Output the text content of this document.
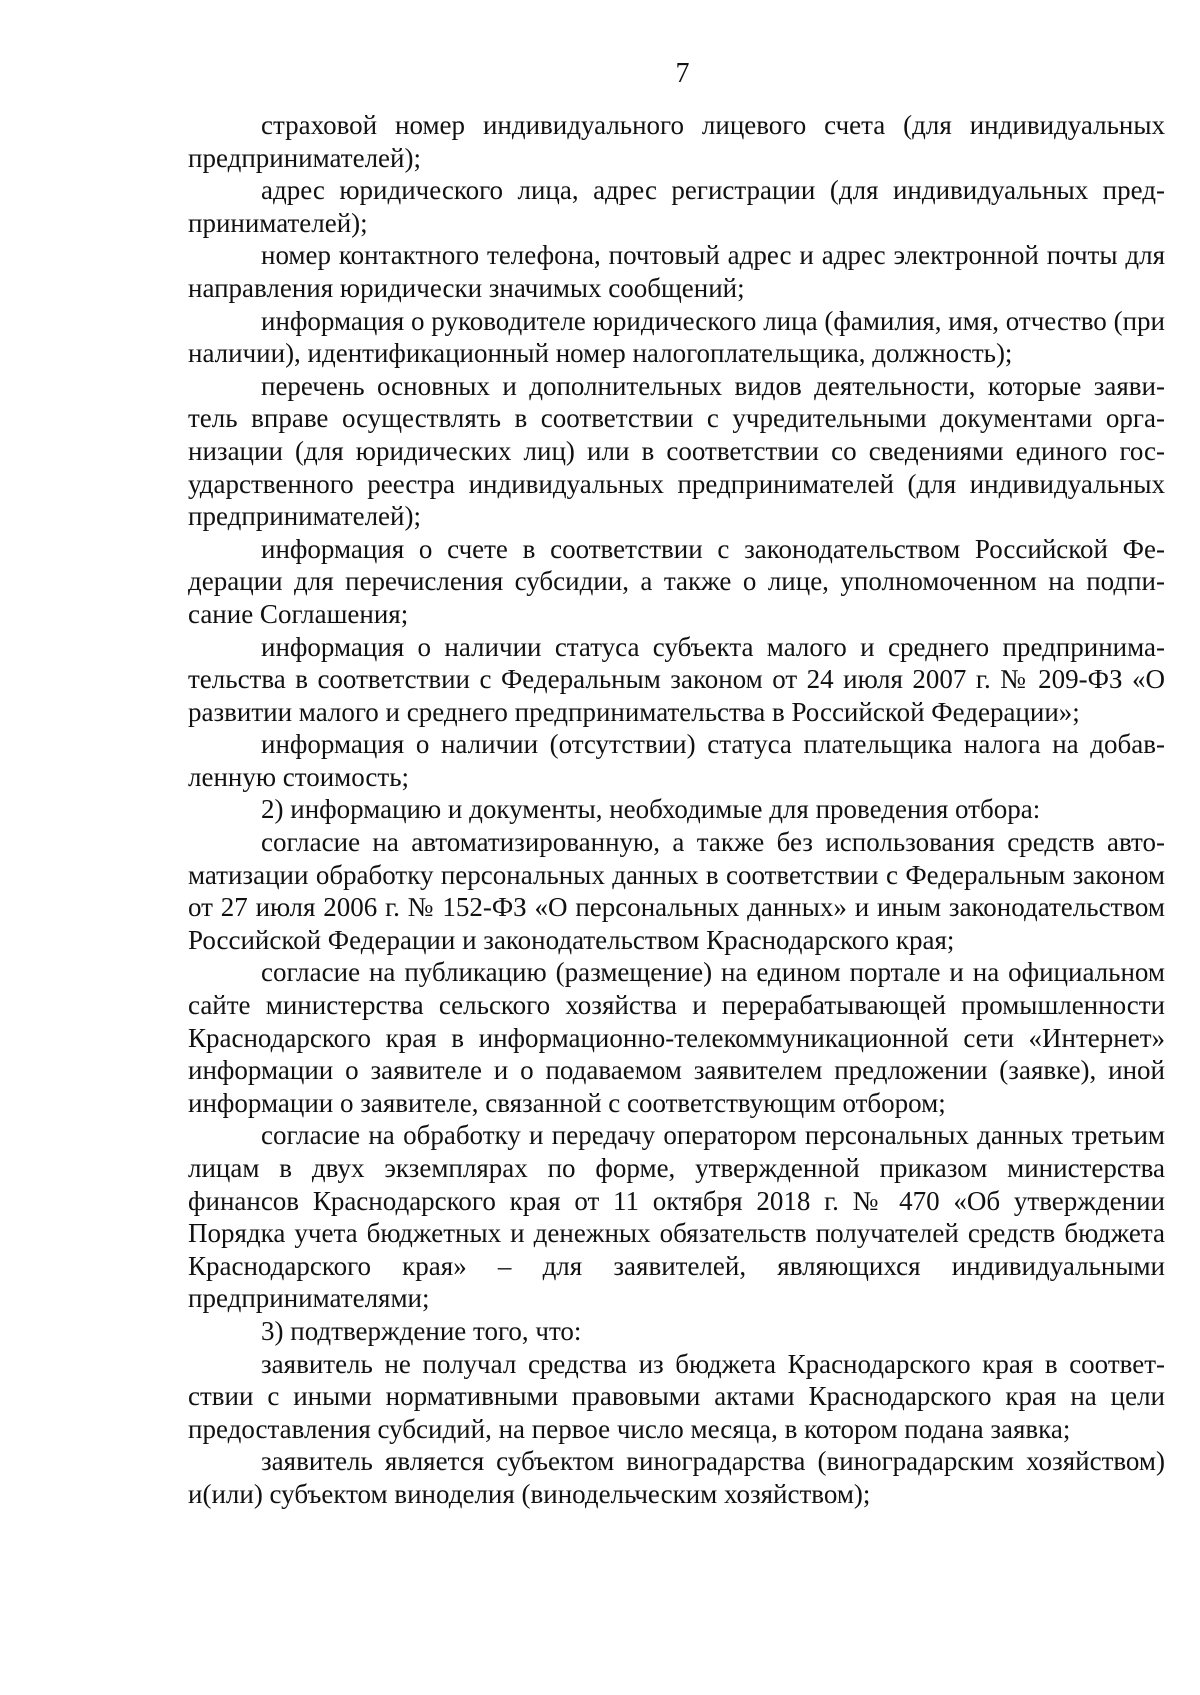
7

страховой номер индивидуального лицевого счета (для индивидуальных предпринимателей);

адрес юридического лица, адрес регистрации (для индивидуальных предпринимателей);

номер контактного телефона, почтовый адрес и адрес электронной почты для направления юридически значимых сообщений;

информация о руководителе юридического лица (фамилия, имя, отчество (при наличии), идентификационный номер налогоплательщика, должность);

перечень основных и дополнительных видов деятельности, которые заявитель вправе осуществлять в соответствии с учредительными документами организации (для юридических лиц) или в соответствии со сведениями единого государственного реестра индивидуальных предпринимателей (для индивидуальных предпринимателей);

информация о счете в соответствии с законодательством Российской Федерации для перечисления субсидии, а также о лице, уполномоченном на подписание Соглашения;

информация о наличии статуса субъекта малого и среднего предпринимательства в соответствии с Федеральным законом от 24 июля 2007 г. № 209-ФЗ «О развитии малого и среднего предпринимательства в Российской Федерации»;

информация о наличии (отсутствии) статуса плательщика налога на добавленную стоимость;

2) информацию и документы, необходимые для проведения отбора:

согласие на автоматизированную, а также без использования средств автоматизации обработку персональных данных в соответствии с Федеральным законом от 27 июля 2006 г. № 152-ФЗ «О персональных данных» и иным законодательством Российской Федерации и законодательством Краснодарского края;

согласие на публикацию (размещение) на едином портале и на официальном сайте министерства сельского хозяйства и перерабатывающей промышленности Краснодарского края в информационно-телекоммуникационной сети «Интернет» информации о заявителе и о подаваемом заявителем предложении (заявке), иной информации о заявителе, связанной с соответствующим отбором;

согласие на обработку и передачу оператором персональных данных третьим лицам в двух экземплярах по форме, утвержденной приказом министерства финансов Краснодарского края от 11 октября 2018 г. № 470 «Об утверждении Порядка учета бюджетных и денежных обязательств получателей средств бюджета Краснодарского края» – для заявителей, являющихся индивидуальными предпринимателями;

3) подтверждение того, что:

заявитель не получал средства из бюджета Краснодарского края в соответствии с иными нормативными правовыми актами Краснодарского края на цели предоставления субсидий, на первое число месяца, в котором подана заявка;

заявитель является субъектом виноградарства (виноградарским хозяйством) и(или) субъектом виноделия (винодельческим хозяйством);
